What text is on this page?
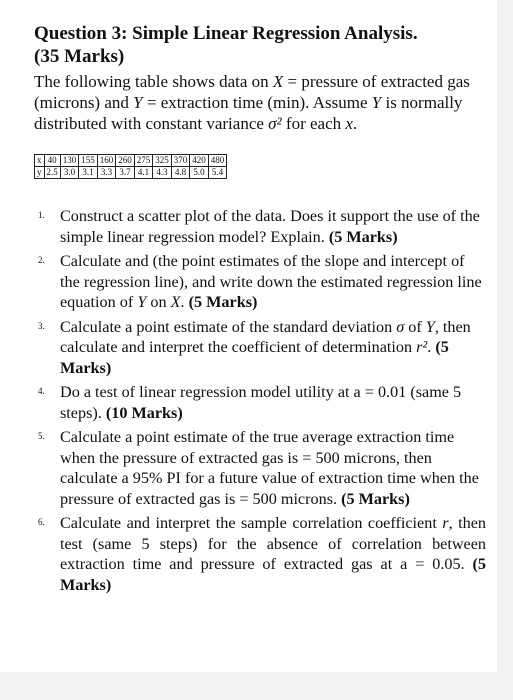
Question 3: Simple Linear Regression Analysis.
(35 Marks)

The following table shows data on X = pressure of extracted gas (microns) and Y = extraction time (min). Assume Y is normally distributed with constant variance σ² for each x.

x	40	130	155	160	260	275	325	370	420	480
y	2.5	3.0	3.1	3.3	3.7	4.1	4.3	4.8	5.0	5.4
1. Construct a scatter plot of the data. Does it support the use of the simple linear regression model? Explain. (5 Marks)
2. Calculate and (the point estimates of the slope and intercept of the regression line), and write down the estimated regression line equation of Y on X. (5 Marks)
3. Calculate a point estimate of the standard deviation σ of Y, then calculate and interpret the coefficient of determination r². (5 Marks)
4. Do a test of linear regression model utility at a = 0.01 (same 5 steps). (10 Marks)
5. Calculate a point estimate of the true average extraction time when the pressure of extracted gas is = 500 microns, then calculate a 95% PI for a future value of extraction time when the pressure of extracted gas is = 500 microns. (5 Marks)
6. Calculate and interpret the sample correlation coefficient r, then test (same 5 steps) for the absence of correlation between extraction time and pressure of extracted gas at a = 0.05. (5 Marks)
